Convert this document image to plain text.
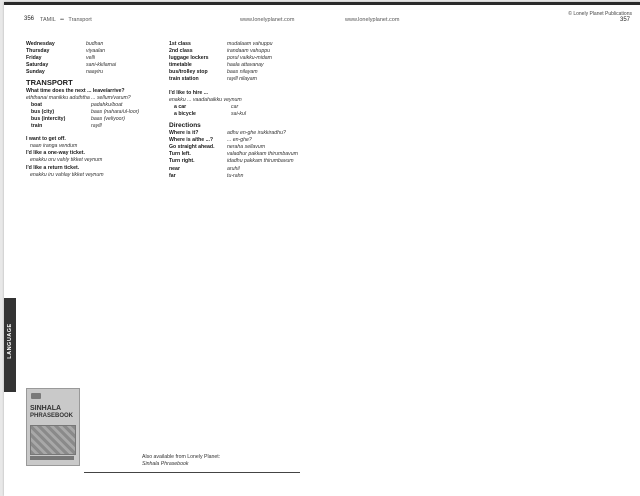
356 TAMIL •• Transport	www.lonelyplanet.com	www.lonelyplanet.com
© Lonely Planet Publications
357
Wednesday	budhan
Thursday	viyaalan
Friday	velli
Saturday	sani-kkilamai
Sunday	naayiru
TRANSPORT
What time does the next ... leave/arrive?
eththanai manikku aduththa ... sellum/varum?
boat	padahku/boat
bus (city)	baas (nahara/ul-loor)
bus (intercity)	baas (veliyoor)
train	rayill
I want to get off.
naan iranga vendum
I'd like a one-way ticket.
enakku oru vahly tikket veynum
I'd like a return ticket.
enakku iru vahlay tikket veynum
1st class	mudalaam vahuppu
2nd class	irandaam vahuppu
luggage lockers	porul vaikku-midam
timetable	haala attavanay
bus/trolley stop	baas nilayam
train station	rayill nilayam
I'd like to hire ...
enakku ... vaadahaikku veynum
a car	car
a bicycle	sai-kul
Directions
Where is it?	adhu en-ghe irukkiradhu?
Where is a/the ...?	... en-ghe?
Go straight ahead. neraha sellavum
Turn left.	valadhur pakkam thirumbavum
Turn right.	idadhu pakkam thirumbavum
near	aruhil
far	tu-rahn
LANGUAGE
SINHALA
PHRASEBOOK
Also available from Lonely Planet:
Sinhala Phrasebook
